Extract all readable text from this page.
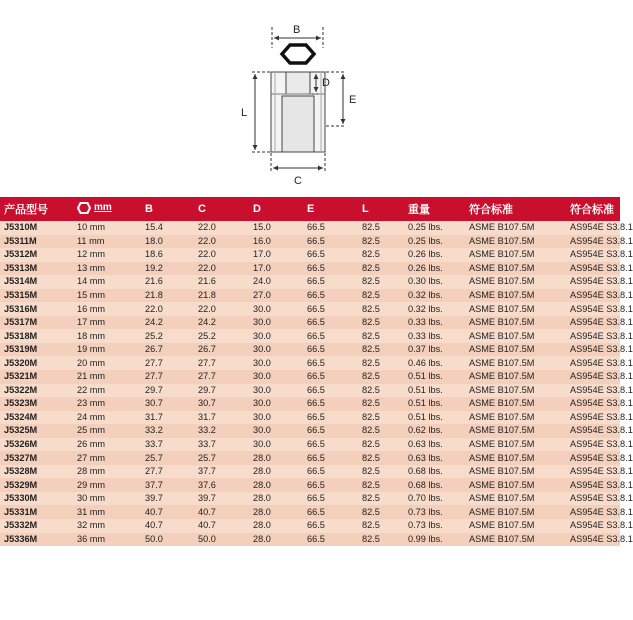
B
D
E
L
C
产品型号	mm	B	C	D	E	L	重量	符合标准	符合标准
J5310M	10 mm	15.4	22.0	15.0	66.5	82.5	0.25 lbs.	ASME B107.5M	AS954E S3.8.1
J5311M	11 mm	18.0	22.0	16.0	66.5	82.5	0.25 lbs.	ASME B107.5M	AS954E S3.8.1
J5312M	12 mm	18.6	22.0	17.0	66.5	82.5	0.26 lbs.	ASME B107.5M	AS954E S3.8.1
J5313M	13 mm	19.2	22.0	17.0	66.5	82.5	0.26 lbs.	ASME B107.5M	AS954E S3.8.1
J5314M	14 mm	21.6	21.6	24.0	66.5	82.5	0.30 lbs.	ASME B107.5M	AS954E S3.8.1
J5315M	15 mm	21.8	21.8	27.0	66.5	82.5	0.32 lbs.	ASME B107.5M	AS954E S3.8.1
J5316M	16 mm	22.0	22.0	30.0	66.5	82.5	0.32 lbs.	ASME B107.5M	AS954E S3.8.1
J5317M	17 mm	24.2	24.2	30.0	66.5	82.5	0.33 lbs.	ASME B107.5M	AS954E S3.8.1
J5318M	18 mm	25.2	25.2	30.0	66.5	82.5	0.33 lbs.	ASME B107.5M	AS954E S3.8.1
J5319M	19 mm	26.7	26.7	30.0	66.5	82.5	0.37 lbs.	ASME B107.5M	AS954E S3.8.1
J5320M	20 mm	27.7	27.7	30.0	66.5	82.5	0.46 lbs.	ASME B107.5M	AS954E S3.8.1
J5321M	21 mm	27.7	27.7	30.0	66.5	82.5	0.51 lbs.	ASME B107.5M	AS954E S3.8.1
J5322M	22 mm	29.7	29.7	30.0	66.5	82.5	0.51 lbs.	ASME B107.5M	AS954E S3.8.1
J5323M	23 mm	30.7	30.7	30.0	66.5	82.5	0.51 lbs.	ASME B107.5M	AS954E S3.8.1
J5324M	24 mm	31.7	31.7	30.0	66.5	82.5	0.51 lbs.	ASME B107.5M	AS954E S3.8.1
J5325M	25 mm	33.2	33.2	30.0	66.5	82.5	0.62 lbs.	ASME B107.5M	AS954E S3.8.1
J5326M	26 mm	33.7	33.7	30.0	66.5	82.5	0.63 lbs.	ASME B107.5M	AS954E S3.8.1
J5327M	27 mm	25.7	25.7	28.0	66.5	82.5	0.63 lbs.	ASME B107.5M	AS954E S3.8.1
J5328M	28 mm	27.7	37.7	28.0	66.5	82.5	0.68 lbs.	ASME B107.5M	AS954E S3.8.1
J5329M	29 mm	37.7	37.6	28.0	66.5	82.5	0.68 lbs.	ASME B107.5M	AS954E S3.8.1
J5330M	30 mm	39.7	39.7	28.0	66.5	82.5	0.70 lbs.	ASME B107.5M	AS954E S3.8.1
J5331M	31 mm	40.7	40.7	28.0	66.5	82.5	0.73 lbs.	ASME B107.5M	AS954E S3.8.1
J5332M	32 mm	40.7	40.7	28.0	66.5	82.5	0.73 lbs.	ASME B107.5M	AS954E S3.8.1
J5336M	36 mm	50.0	50.0	28.0	66.5	82.5	0.99 lbs.	ASME B107.5M	AS954E S3.8.1
